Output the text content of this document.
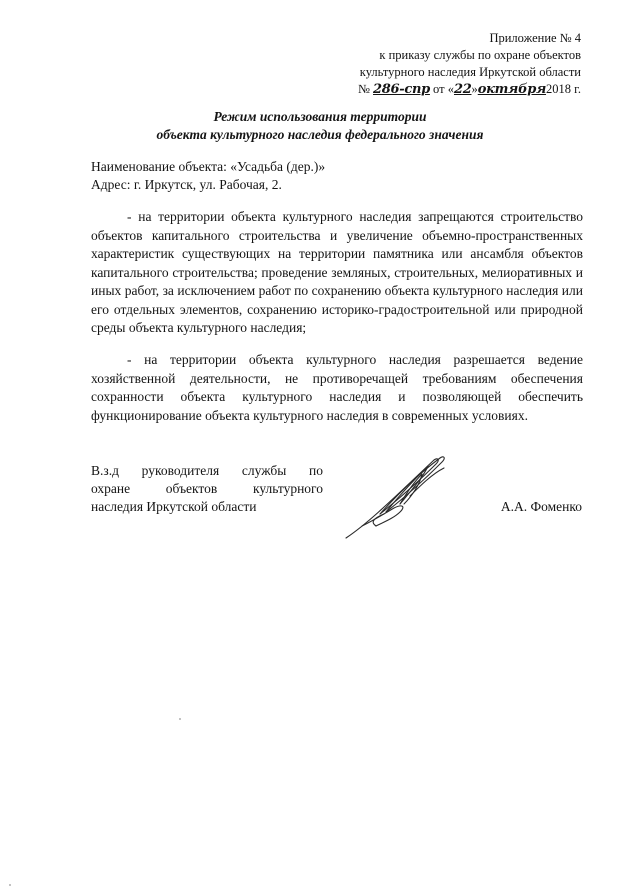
Приложение № 4
к приказу службы по охране объектов
культурного наследия Иркутской области
№ 286-спр от «22»октября2018 г.
Режим использования территории
объекта культурного наследия федерального значения
Наименование объекта: «Усадьба (дер.)»
Адрес: г. Иркутск, ул. Рабочая, 2.
- на территории объекта культурного наследия запрещаются строительство объектов капитального строительства и увеличение объемно-пространственных характеристик существующих на территории памятника или ансамбля объектов капитального строительства; проведение земляных, строительных, мелиоративных и иных работ, за исключением работ по сохранению объекта культурного наследия или его отдельных элементов, сохранению историко-градостроительной или природной среды объекта культурного наследия;
- на территории объекта культурного наследия разрешается ведение хозяйственной деятельности, не противоречащей требованиям обеспечения сохранности объекта культурного наследия и позволяющей обеспечить функционирование объекта культурного наследия в современных условиях.
В.з.д руководителя службы по
охране объектов культурного
наследия Иркутской области	А.А. Фоменко
